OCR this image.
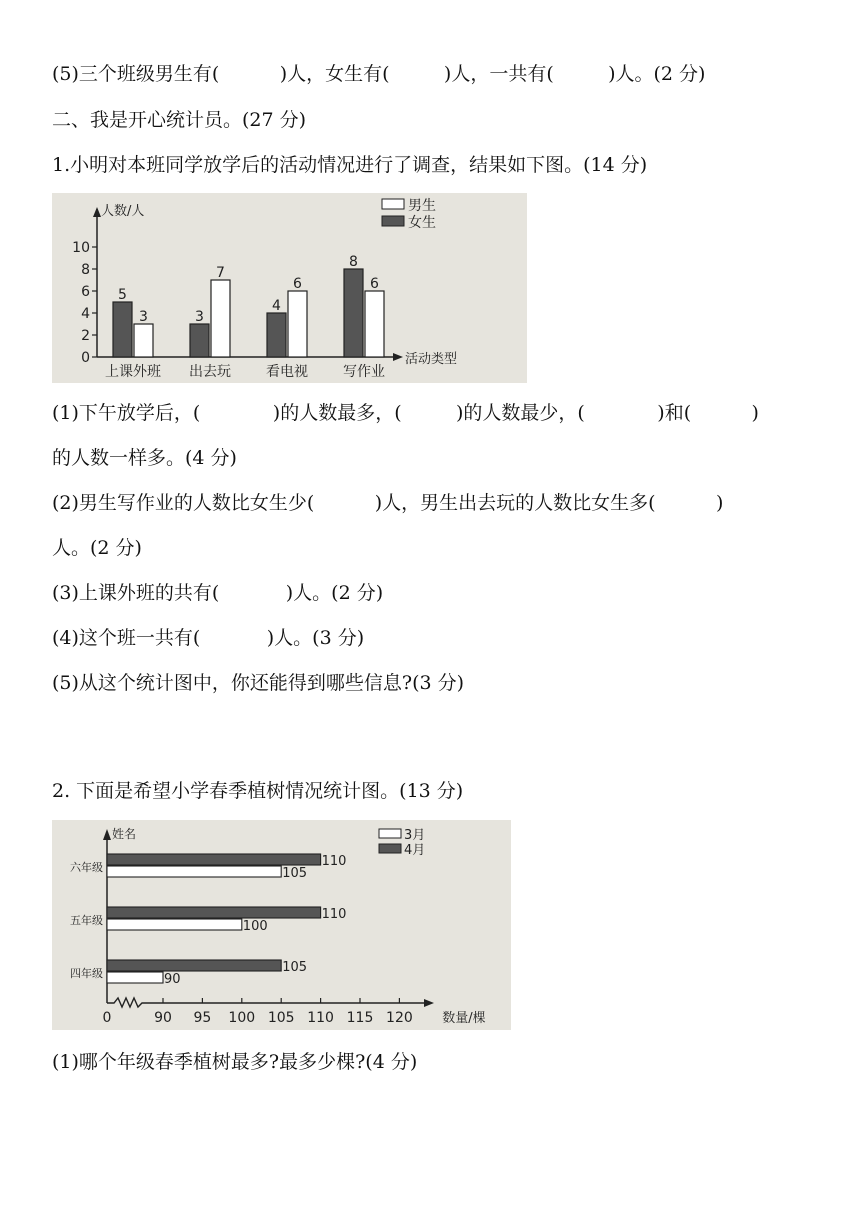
(5)三个班级男生有(          )人，女生有(         )人，一共有(         )人。(2 分)
二、我是开心统计员。(27 分)
1.小明对本班同学放学后的活动情况进行了调查，结果如下图。(14 分)
0
2
4
6
8
10
人数/人
活动类型
5
3
上课外班
3
7
出去玩
4
6
看电视
8
6
写作业
男生
女生
(1)下午放学后，(            )的人数最多，(         )的人数最少，(            )和(          )
的人数一样多。(4 分)
(2)男生写作业的人数比女生少(          )人，男生出去玩的人数比女生多(          )
人。(2 分)
(3)上课外班的共有(           )人。(2 分)
(4)这个班一共有(           )人。(3 分)
(5)从这个统计图中，你还能得到哪些信息?(3 分)
2. 下面是希望小学春季植树情况统计图。(13 分)
0	90 95 100 105 110 115 120
姓名
数量/棵
110
105
六年级
110
100
五年级
105
90
四年级
3月
4月
(1)哪个年级春季植树最多?最多少棵?(4 分)
